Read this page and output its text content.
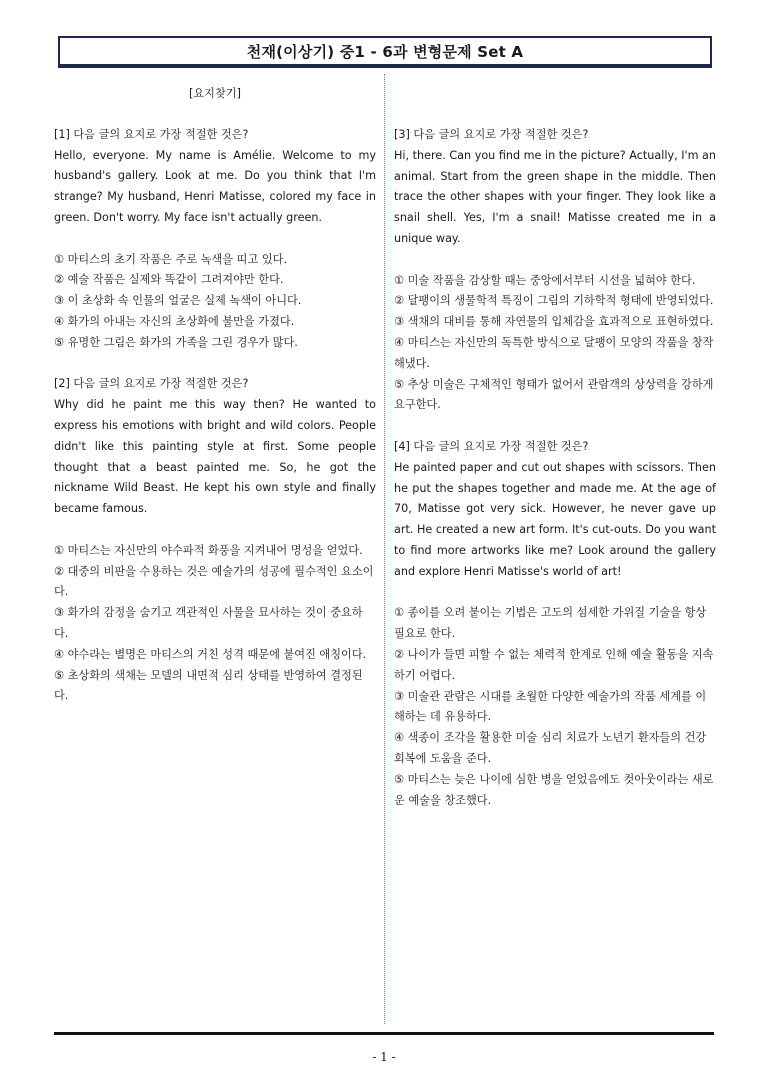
천재(이상기) 중1 - 6과 변형문제 Set A
[요지찾기]
[1] 다음 글의 요지로 가장 적절한 것은?
Hello, everyone. My name is Amélie. Welcome to my husband's gallery. Look at me. Do you think that I'm strange? My husband, Henri Matisse, colored my face in green. Don't worry. My face isn't actually green.
① 마티스의 초기 작품은 주로 녹색을 띠고 있다.
② 예술 작품은 실제와 똑같이 그려져야만 한다.
③ 이 초상화 속 인물의 얼굴은 실제 녹색이 아니다.
④ 화가의 아내는 자신의 초상화에 불만을 가졌다.
⑤ 유명한 그림은 화가의 가족을 그린 경우가 많다.
[2] 다음 글의 요지로 가장 적절한 것은?
Why did he paint me this way then? He wanted to express his emotions with bright and wild colors. People didn't like this painting style at first. Some people thought that a beast painted me. So, he got the nickname Wild Beast. He kept his own style and finally became famous.
① 마티스는 자신만의 야수파적 화풍을 지켜내어 명성을 얻었다.
② 대중의 비판을 수용하는 것은 예술가의 성공에 필수적인 요소이다.
③ 화가의 감정을 숨기고 객관적인 사물을 묘사하는 것이 중요하다.
④ 야수라는 별명은 마티스의 거친 성격 때문에 붙여진 애칭이다.
⑤ 초상화의 색채는 모델의 내면적 심리 상태를 반영하여 결정된다.
[3] 다음 글의 요지로 가장 적절한 것은?
Hi, there. Can you find me in the picture? Actually, I'm an animal. Start from the green shape in the middle. Then trace the other shapes with your finger. They look like a snail shell. Yes, I'm a snail! Matisse created me in a unique way.
① 미술 작품을 감상할 때는 중앙에서부터 시선을 넓혀야 한다.
② 달팽이의 생물학적 특징이 그림의 기하학적 형태에 반영되었다.
③ 색채의 대비를 통해 자연물의 입체감을 효과적으로 표현하였다.
④ 마티스는 자신만의 독특한 방식으로 달팽이 모양의 작품을 창작해냈다.
⑤ 추상 미술은 구체적인 형태가 없어서 관람객의 상상력을 강하게 요구한다.
[4] 다음 글의 요지로 가장 적절한 것은?
He painted paper and cut out shapes with scissors. Then he put the shapes together and made me. At the age of 70, Matisse got very sick. However, he never gave up art. He created a new art form. It's cut-outs. Do you want to find more artworks like me? Look around the gallery and explore Henri Matisse's world of art!
① 종이를 오려 붙이는 기법은 고도의 섬세한 가위질 기술을 항상 필요로 한다.
② 나이가 들면 피할 수 없는 체력적 한계로 인해 예술 활동을 지속하기 어렵다.
③ 미술관 관람은 시대를 초월한 다양한 예술가의 작품 세계를 이해하는 데 유용하다.
④ 색종이 조각을 활용한 미술 심리 치료가 노년기 환자들의 건강 회복에 도움을 준다.
⑤ 마티스는 늦은 나이에 심한 병을 얻었음에도 컷아웃이라는 새로운 예술을 창조했다.
- 1 -
